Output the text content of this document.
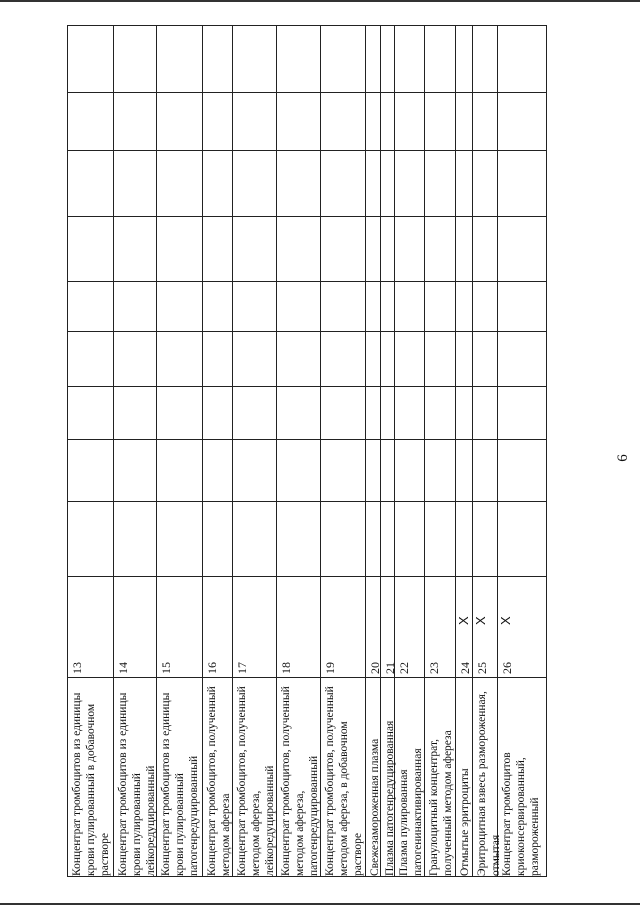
6
Концентрат тромбоцитов из единицы крови пулированный в добавочном растворе
13
Концентрат тромбоцитов из единицы крови пулированный лейкоредуцированный
14
Концентрат тромбоцитов из единицы крови пулированный патогенредуцированный
15
Концентрат тромбоцитов, полученный методом афереза
16
Концентрат тромбоцитов, полученный методом афереза, лейкоредуцированный
17
Концентрат тромбоцитов, полученный методом афереза, патогенредуцированный
18
Концентрат тромбоцитов, полученный методом афереза, в добавочном растворе
19
Свежезамороженная плазма
20
Плазма патогенредуцированная
21
Плазма пулированная патогенинактивированная
22
Гранулоцитный концентрат, полученный методом афереза
23
Отмытые эритроциты
24
X
Эритроцитная взвесь размороженная, отмытая
25
X
Концентрат тромбоцитов криоконсервированный, размороженный
26
X
